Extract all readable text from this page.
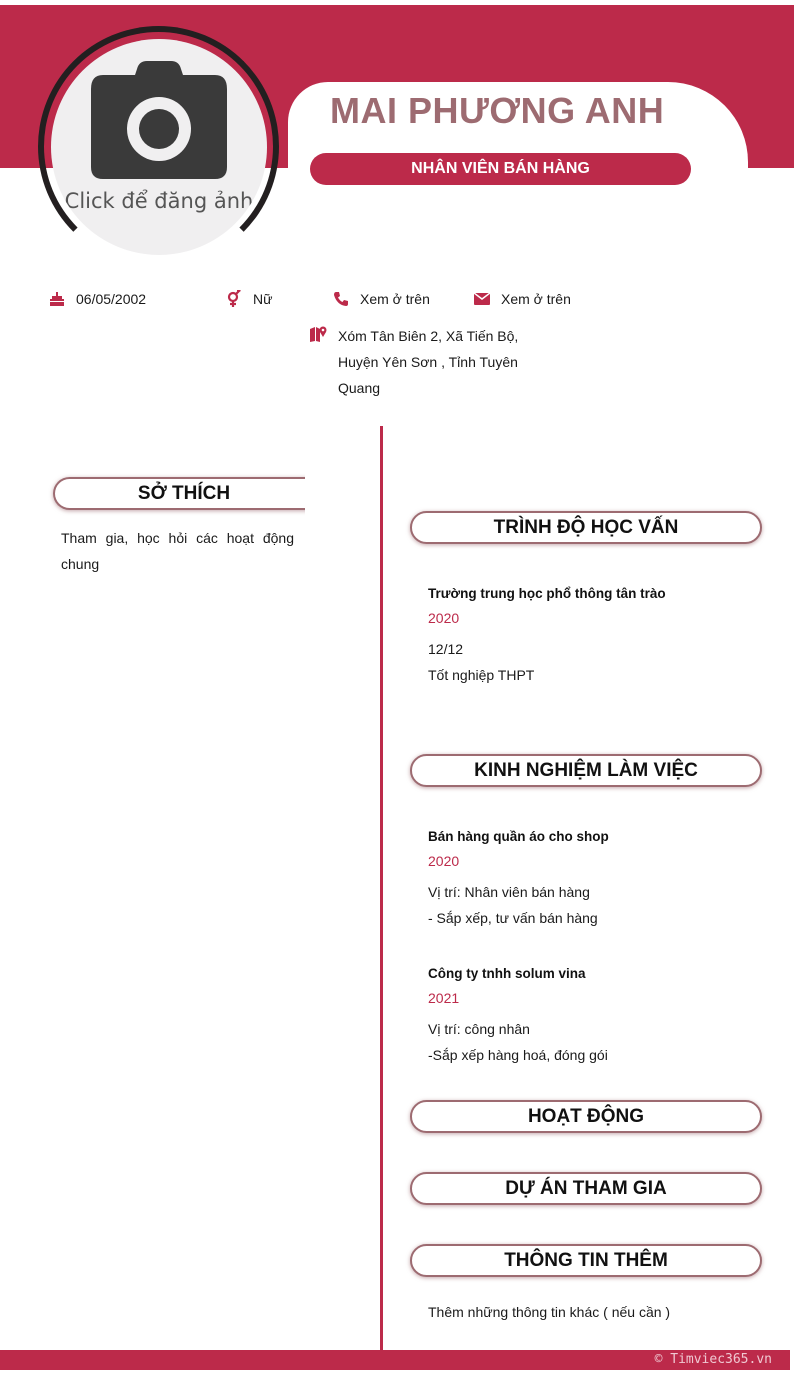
Click để đăng ảnh
MAI PHƯƠNG ANH
NHÂN VIÊN BÁN HÀNG
06/05/2002	Nữ	Xem ở trên	Xem ở trên
Xóm Tân Biên 2, Xã Tiến Bộ, Huyện Yên Sơn , Tỉnh Tuyên Quang
SỞ THÍCH
Tham gia, học hỏi các hoạt động chung
TRÌNH ĐỘ HỌC VẤN
Trường trung học phổ thông tân trào
2020
12/12
Tốt nghiệp THPT
KINH NGHIỆM LÀM VIỆC
Bán hàng quần áo cho shop
2020
Vị trí: Nhân viên bán hàng
- Sắp xếp, tư vấn bán hàng
Công ty tnhh solum vina
2021
Vị trí: công nhân
-Sắp xếp hàng hoá, đóng gói
HOẠT ĐỘNG
DỰ ÁN THAM GIA
THÔNG TIN THÊM
Thêm những thông tin khác ( nếu cần )
© Timviec365.vn
